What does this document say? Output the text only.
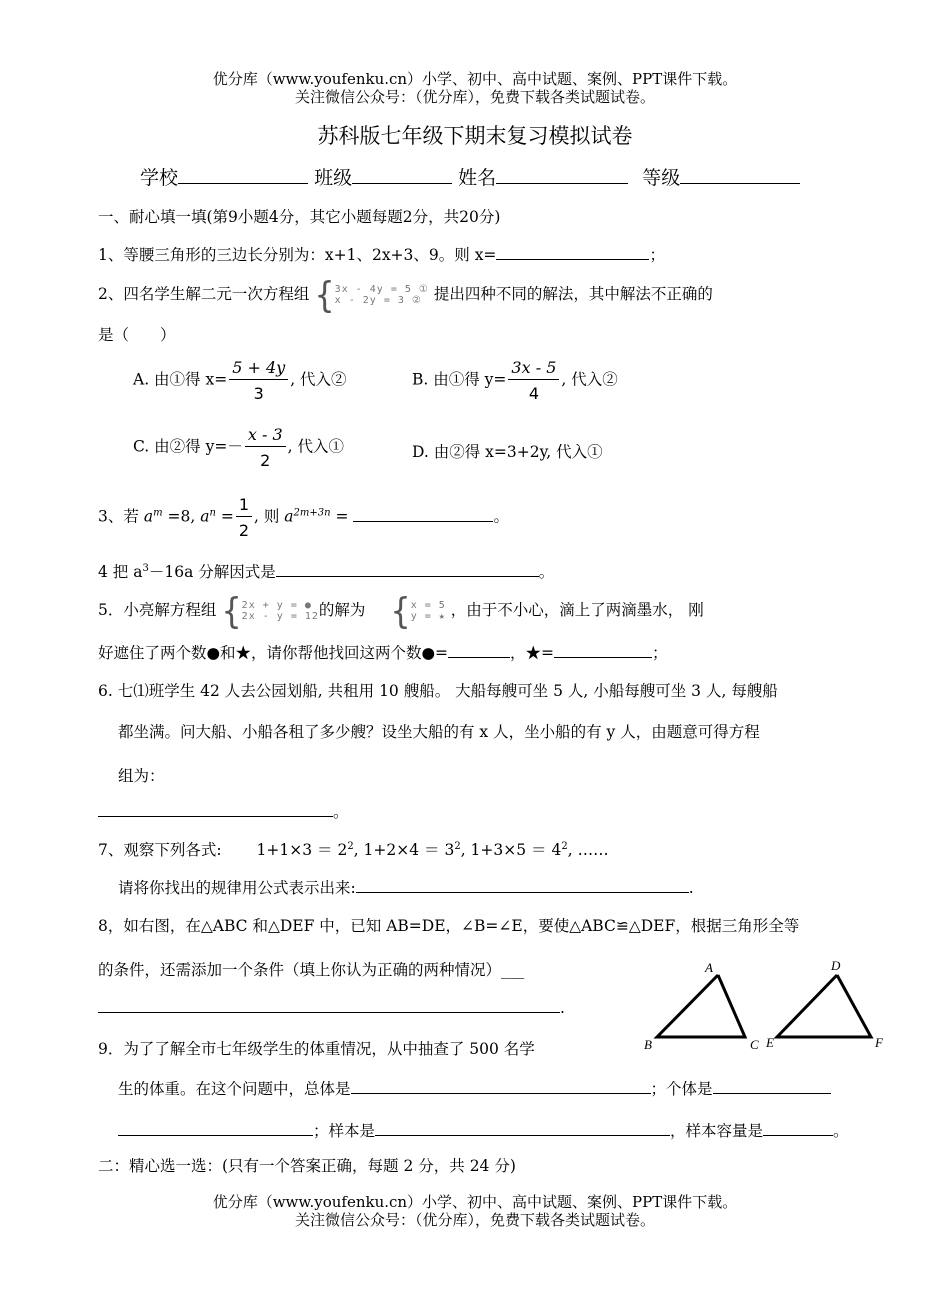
优分库（www.youfenku.cn）小学、初中、高中试题、案例、PPT课件下载。
关注微信公众号：（优分库），免费下载各类试题试卷。
苏科版七年级下期末复习模拟试卷
学校	班级	姓名	等级
一、耐心填一填(第9小题4分，其它小题每题2分，共20分)
1、等腰三角形的三边长分别为：x+1、2x+3、9。则 x=	；
2、四名学生解二元一次方程组 { 3x - 4y = 5 ①
x - 2y = 3 ② 提出四种不同的解法，其中解法不正确的
是（　　）
A. 由①得 $x= \frac{5 + 4y}{3}$ , 代入②	B. 由①得 $y= \frac{3x - 5}{4}$ , 代入②
C. 由②得 $y=- \frac{x - 3}{2}$ , 代入①	D. 由②得 x=3+2y, 代入①
3、若 $a^m =8$, $a^n = \frac{1}{2}$ , 则 $a^{2m+3n}$ =	。
4 把 $a^3-16a$ 分解因式是	。
5．小亮解方程组 { 2x + y = ●
2x - y = 12 的解为 { x = 5
y = ★ ，由于不小心，滴上了两滴墨水， 刚
好遮住了两个数●和★，请你帮他找回这两个数●=	，★=	；
6. 七⑴班学生 42 人去公园划船, 共租用 10 艘船。 大船每艘可坐 5 人, 小船每艘可坐 3 人, 每艘船
都坐满。问大船、小船各租了多少艘？设坐大船的有 x 人，坐小船的有 y 人，由题意可得方程
组为：
。
7、观察下列各式: $1+1\times 3 = 2^2$, $1+2\times 4 = 3^2$, $1+3\times 5 = 4^2$, ……
请将你找出的规律用公式表示出来:	.
8，如右图，在△ABC 和△DEF 中，已知 AB=DE，∠B=∠E，要使△ABC≌△DEF，根据三角形全等
的条件，还需添加一个条件（填上你认为正确的两种情况）___
.
A
B	C
D
E	F
9．为了了解全市七年级学生的体重情况，从中抽查了 500 名学
生的体重。在这个问题中，总体是	；个体是
；样本是	，样本容量是	。
二：精心选一选：(只有一个答案正确，每题 2 分，共 24 分)
优分库（www.youfenku.cn）小学、初中、高中试题、案例、PPT课件下载。
关注微信公众号：（优分库），免费下载各类试题试卷。
